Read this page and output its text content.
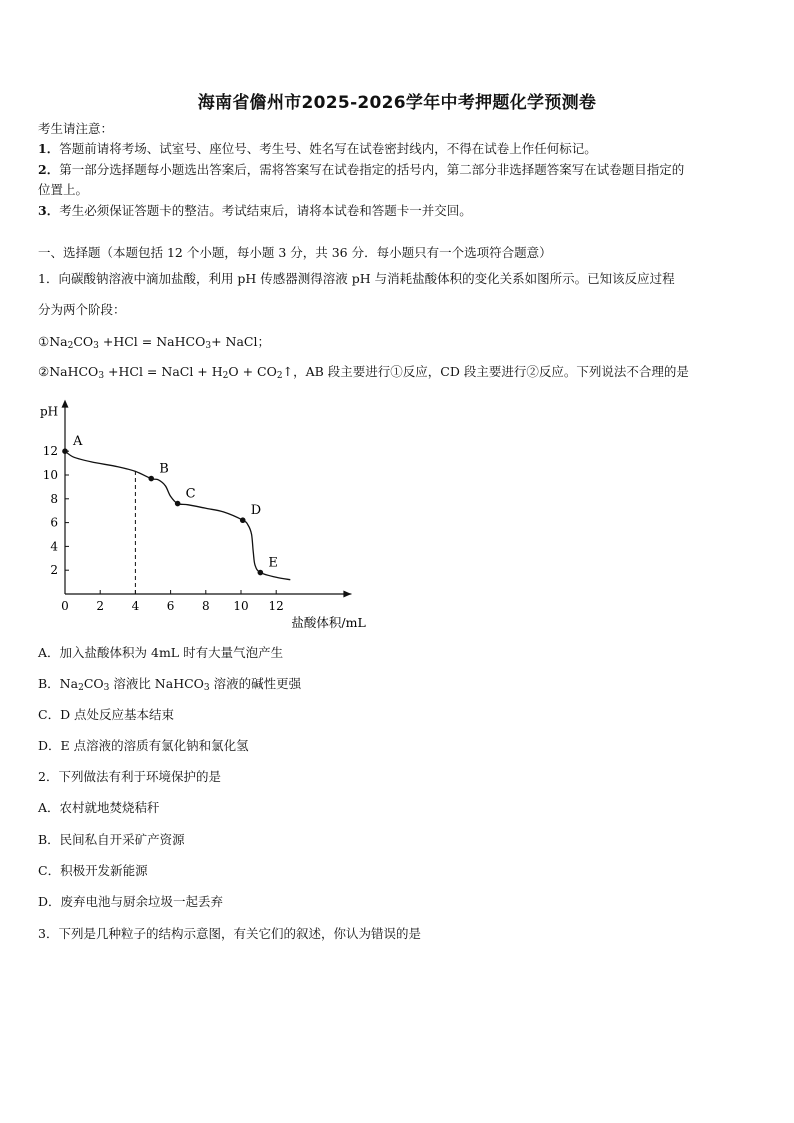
海南省儋州市2025-2026学年中考押题化学预测卷
考生请注意：
1．答题前请将考场、试室号、座位号、考生号、姓名写在试卷密封线内，不得在试卷上作任何标记。
2．第一部分选择题每小题选出答案后，需将答案写在试卷指定的括号内，第二部分非选择题答案写在试卷题目指定的
位置上。
3．考生必须保证答题卡的整洁。考试结束后，请将本试卷和答题卡一并交回。
一、选择题（本题包括 12 个小题，每小题 3 分，共 36 分．每小题只有一个选项符合题意）
1．向碳酸钠溶液中滴加盐酸，利用 pH 传感器测得溶液 pH 与消耗盐酸体积的变化关系如图所示。已知该反应过程
分为两个阶段：
$①Na_2CO_3 +HCl$ = NaHCO$_3$+ NaCl；
②NaHCO$_3$ +HCl = NaCl + $H_2O$ + $CO_2↑$，AB 段主要进行①反应，CD 段主要进行②反应。下列说法不合理的是
pH
盐酸体积/mL
0 2 4 6 8 10 12
2
4
6
8
10
12
A
B
C
D
E
A．加入盐酸体积为 4mL 时有大量气泡产生
B．$Na_2CO_3$ 溶液比 NaHCO$_3$ 溶液的碱性更强
C．D 点处反应基本结束
D．E 点溶液的溶质有氯化钠和氯化氢
2．下列做法有利于环境保护的是
A．农村就地焚烧秸秆
B．民间私自开采矿产资源
C．积极开发新能源
D．废弃电池与厨余垃圾一起丢弃
3．下列是几种粒子的结构示意图，有关它们的叙述，你认为错误的是
